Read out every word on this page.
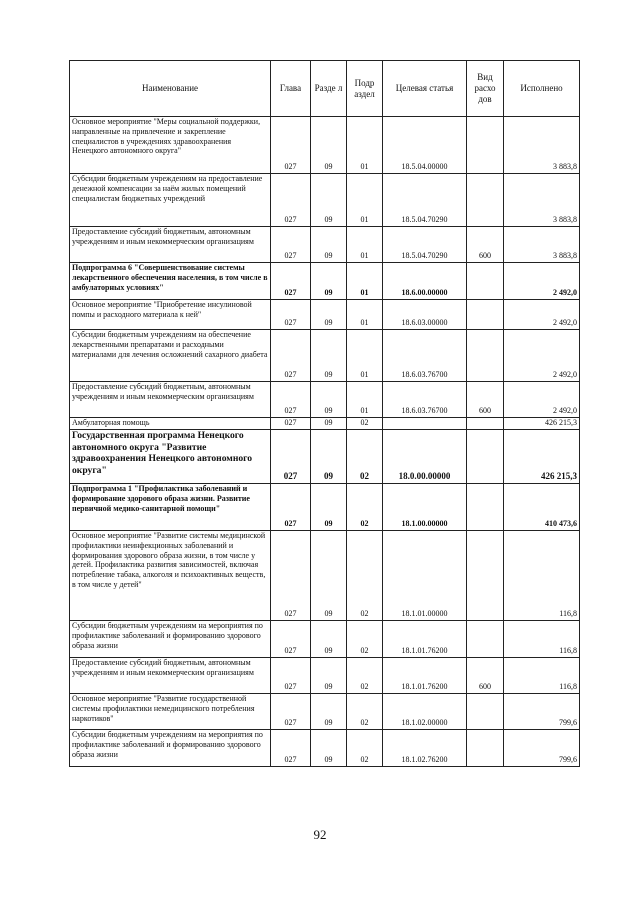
Наименование	Глава	Разде л	Подр аздел	Целевая статья	Вид расхо дов	Исполнено
Основное мероприятие "Меры социальной поддержки, направленные на привлечение и закрепление специалистов в учреждениях здравоохранения Ненецкого автономного округа"	027	09	01	18.5.04.00000		3 883,8
Субсидии бюджетным учреждениям на предоставление денежной компенсации за наём жилых помещений специалистам бюджетных учреждений	027	09	01	18.5.04.70290		3 883,8
Предоставление субсидий бюджетным, автономным учреждениям и иным некоммерческим организациям	027	09	01	18.5.04.70290	600	3 883,8
Подпрограмма 6 "Совершенствование системы лекарственного обеспечения населения, в том числе в амбулаторных условиях"	027	09	01	18.6.00.00000		2 492,0
Основное мероприятие "Приобретение инсулиновой помпы и расходного материала к ней"	027	09	01	18.6.03.00000		2 492,0
Субсидии бюджетным учреждениям на обеспечение лекарственными препаратами и расходными материалами для лечения осложнений сахарного диабета	027	09	01	18.6.03.76700		2 492,0
Предоставление субсидий бюджетным, автономным учреждениям и иным некоммерческим организациям	027	09	01	18.6.03.76700	600	2 492,0
Амбулаторная помощь	027	09	02			426 215,3
Государственная программа Ненецкого автономного округа "Развитие здравоохранения Ненецкого автономного округа"	027	09	02	18.0.00.00000		426 215,3
Подпрограмма 1 "Профилактика заболеваний и формирование здорового образа жизни. Развитие первичной медико-санитарной помощи"	027	09	02	18.1.00.00000		410 473,6
Основное мероприятие "Развитие системы медицинской профилактики неинфекционных заболеваний и формирования здорового образа жизни, в том числе у детей. Профилактика развития зависимостей, включая потребление табака, алкоголя и психоактивных веществ, в том числе у детей"	027	09	02	18.1.01.00000		116,8
Субсидии бюджетным учреждениям на мероприятия по профилактике заболеваний и формированию здорового образа жизни	027	09	02	18.1.01.76200		116,8
Предоставление субсидий бюджетным, автономным учреждениям и иным некоммерческим организациям	027	09	02	18.1.01.76200	600	116,8
Основное мероприятие "Развитие государственной системы профилактики немедицинского потребления наркотиков"	027	09	02	18.1.02.00000		799,6
Субсидии бюджетным учреждениям на мероприятия по профилактике заболеваний и формированию здорового образа жизни	027	09	02	18.1.02.76200		799,6
92
